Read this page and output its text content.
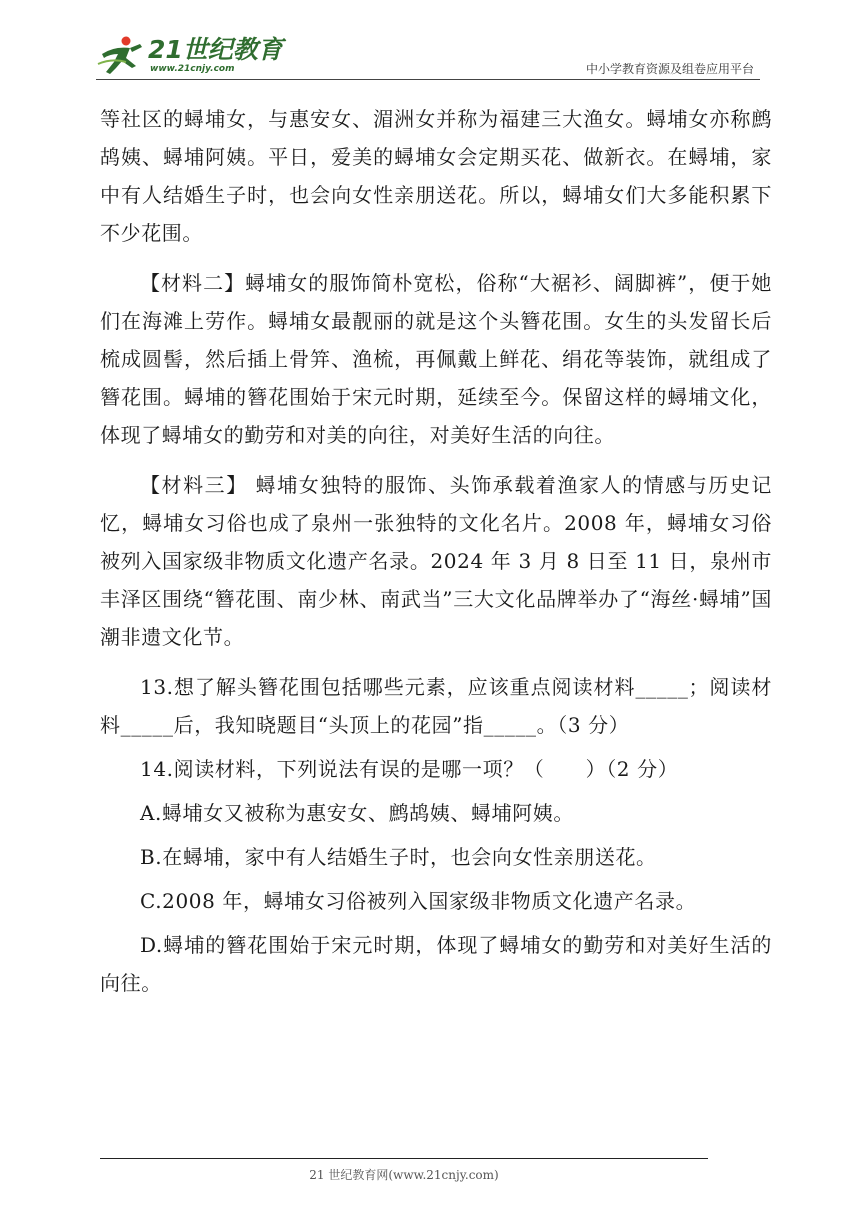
21世纪教育
www.21cnjy.com	中小学教育资源及组卷应用平台

等社区的蟳埔女，与惠安女、湄洲女并称为福建三大渔女。蟳埔女亦称鹧鸪姨、蟳埔阿姨。平日，爱美的蟳埔女会定期买花、做新衣。在蟳埔，家中有人结婚生子时，也会向女性亲朋送花。所以，蟳埔女们大多能积累下不少花围。

【材料二】蟳埔女的服饰简朴宽松，俗称“大裾衫、阔脚裤”，便于她们在海滩上劳作。蟳埔女最靓丽的就是这个头簪花围。女生的头发留长后梳成圆髻，然后插上骨笄、渔梳，再佩戴上鲜花、绢花等装饰，就组成了簪花围。蟳埔的簪花围始于宋元时期，延续至今。保留这样的蟳埔文化，体现了蟳埔女的勤劳和对美的向往，对美好生活的向往。

【材料三】 蟳埔女独特的服饰、头饰承载着渔家人的情感与历史记忆，蟳埔女习俗也成了泉州一张独特的文化名片。2008 年，蟳埔女习俗被列入国家级非物质文化遗产名录。2024 年 3 月 8 日至 11 日，泉州市丰泽区围绕“簪花围、南少林、南武当”三大文化品牌举办了“海丝·蟳埔”国潮非遗文化节。

13.想了解头簪花围包括哪些元素，应该重点阅读材料_____；阅读材料_____后，我知晓题目“头顶上的花园”指_____。（3 分）

14.阅读材料，下列说法有误的是哪一项？（　　）（2 分）

A.蟳埔女又被称为惠安女、鹧鸪姨、蟳埔阿姨。

B.在蟳埔，家中有人结婚生子时，也会向女性亲朋送花。

C.2008 年，蟳埔女习俗被列入国家级非物质文化遗产名录。

D.蟳埔的簪花围始于宋元时期，体现了蟳埔女的勤劳和对美好生活的向往。

21 世纪教育网(www.21cnjy.com)
